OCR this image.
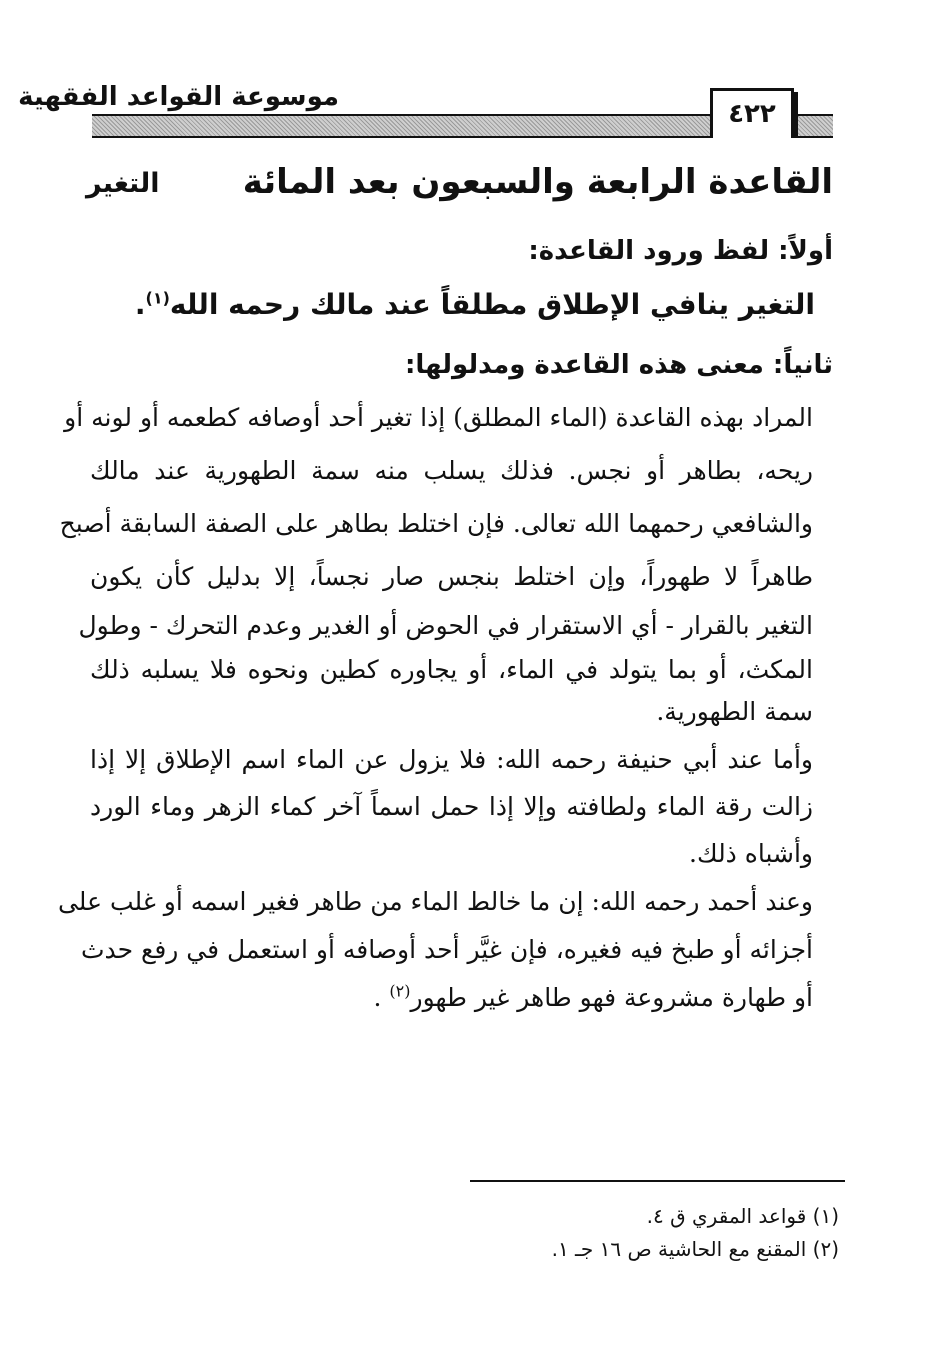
موسوعة القواعد الفقهية
٤٢٢
القاعدة الرابعة والسبعون بعد المائة
التغير
أولاً: لفظ ورود القاعدة:
التغير ينافي الإطلاق مطلقاً عند مالك رحمه الله$^{(١)}$.
ثانياً: معنى هذه القاعدة ومدلولها:
المراد بهذه القاعدة (الماء المطلق) إذا تغير أحد أوصافه كطعمه أو لونه أو
ريحه، بطاهر أو نجس. فذلك يسلب منه سمة الطهورية عند مالك
والشافعي رحمهما الله تعالى. فإن اختلط بطاهر على الصفة السابقة أصبح
طاهراً لا طهوراً، وإن اختلط بنجس صار نجساً، إلا بدليل كأن يكون
التغير بالقرار - أي الاستقرار في الحوض أو الغدير وعدم التحرك - وطول
المكث، أو بما يتولد في الماء، أو يجاوره كطين ونحوه فلا يسلبه ذلك
سمة الطهورية.
وأما عند أبي حنيفة رحمه الله: فلا يزول عن الماء اسم الإطلاق إلا إذا
زالت رقة الماء ولطافته وإلا إذا حمل اسماً آخر كماء الزهر وماء الورد
وأشباه ذلك.
وعند أحمد رحمه الله: إن ما خالط الماء من طاهر فغير اسمه أو غلب على
أجزائه أو طبخ فيه فغيره، فإن غيَّر أحد أوصافه أو استعمل في رفع حدث
أو طهارة مشروعة فهو طاهر غير طهور$^{(٢)}$ .
(١) قواعد المقري ق ٤.
(٢) المقنع مع الحاشية ص ١٦ جـ ١.
